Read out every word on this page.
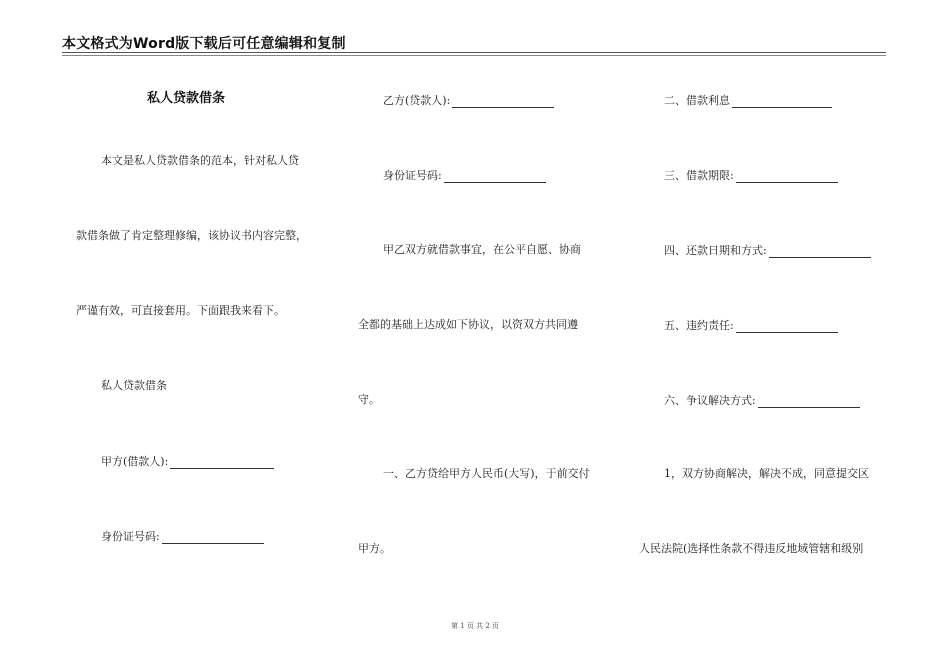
本文格式为Word版下载后可任意编辑和复制
私人贷款借条
本文是私人贷款借条的范本，针对私人贷
款借条做了肯定整理修编，该协议书内容完整，
严谨有效，可直接套用。下面跟我来看下。
私人贷款借条
甲方(借款人):
身份证号码:
乙方(贷款人):
身份证号码:
甲乙双方就借款事宜，在公平自愿、协商
全都的基础上达成如下协议，以资双方共同遵
守。
一、乙方贷给甲方人民币(大写)，于前交付
甲方。
二、借款利息
三、借款期限:
四、还款日期和方式:
五、违约责任:
六、争议解决方式:
1，双方协商解决，解决不成，同意提交区
人民法院(选择性条款不得违反地域管辖和级别
第 1 页 共 2 页
